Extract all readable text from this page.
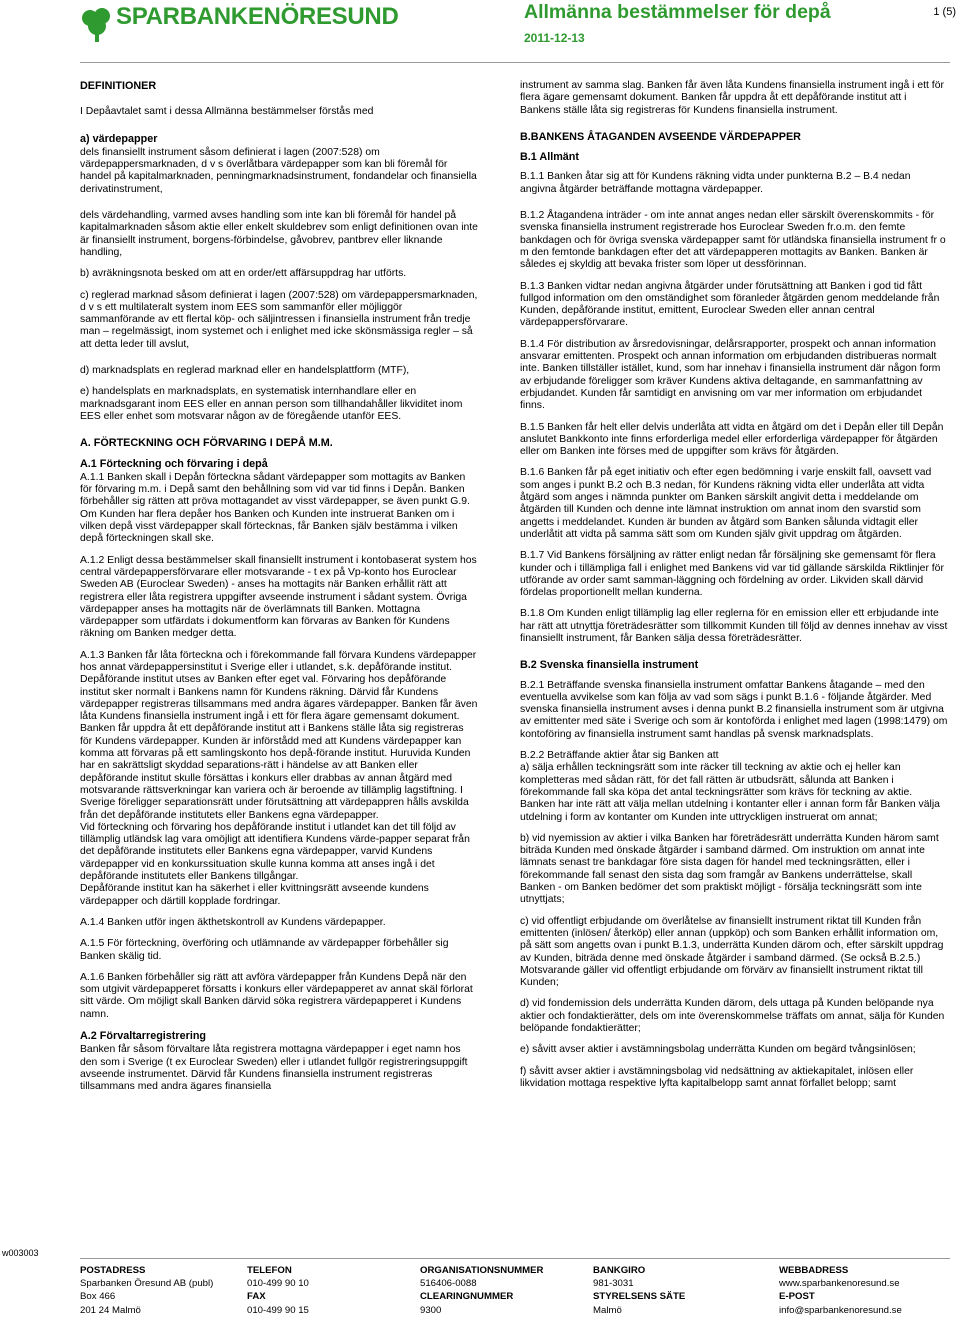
SPARBANKENÖRESUND	Allmänna bestämmelser för depå
2011-12-13
1 (5)
DEFINITIONER

I Depåavtalet samt i dessa Allmänna bestämmelser förstås med

a) värdepapper

dels finansiellt instrument såsom definierat i lagen (2007:528) om värdepappersmarknaden, d v s överlåtbara värdepapper som kan bli föremål för handel på kapitalmarknaden, penningmarknadsinstrument, fondandelar och finansiella derivatinstrument,

dels värdehandling, varmed avses handling som inte kan bli föremål för handel på kapitalmarknaden såsom aktie eller enkelt skuldebrev som enligt definitionen ovan inte är finansiellt instrument, borgens-förbindelse, gåvobrev, pantbrev eller liknande handling,

b) avräkningsnota besked om att en order/ett affärsuppdrag har utförts.

c) reglerad marknad såsom definierat i lagen (2007:528) om värdepappersmarknaden, d v s ett multilateralt system inom EES som sammanför eller möjliggör sammanförande av ett flertal köp- och säljintressen i finansiella instrument från tredje man – regelmässigt, inom systemet och i enlighet med icke skönsmässiga regler – så att detta leder till avslut,

d) marknadsplats en reglerad marknad eller en handelsplattform (MTF),

e) handelsplats en marknadsplats, en systematisk internhandlare eller en marknadsgarant inom EES eller en annan person som tillhandahåller likviditet inom EES eller enhet som motsvarar någon av de föregående utanför EES.

A. FÖRTECKNING OCH FÖRVARING I DEPÅ M.M.
A.1 Förteckning och förvaring i depå

A.1.1 Banken skall i Depån förteckna sådant värdepapper som mottagits av Banken för förvaring m.m. i Depå samt den behållning som vid var tid finns i Depån. Banken förbehåller sig rätten att pröva mottagandet av visst värdepapper, se även punkt G.9. Om Kunden har flera depåer hos Banken och Kunden inte instruerat Banken om i vilken depå visst värdepapper skall förtecknas, får Banken själv bestämma i vilken depå förteckningen skall ske.

A.1.2 Enligt dessa bestämmelser skall finansiellt instrument i kontobaserat system hos central värdepappersförvarare eller motsvarande - t ex på Vp-konto hos Euroclear Sweden AB (Euroclear Sweden) - anses ha mottagits när Banken erhållit rätt att registrera eller låta registrera uppgifter avseende instrument i sådant system. Övriga värdepapper anses ha mottagits när de överlämnats till Banken. Mottagna värdepapper som utfärdats i dokumentform kan förvaras av Banken för Kundens räkning om Banken medger detta.

A.1.3 Banken får låta förteckna och i förekommande fall förvara Kundens värdepapper hos annat värdepappersinstitut i Sverige eller i utlandet, s.k. depåförande institut. Depåförande institut utses av Banken efter eget val. Förvaring hos depåförande institut sker normalt i Bankens namn för Kundens räkning. Därvid får Kundens värdepapper registreras tillsammans med andra ägares värdepapper. Banken får även låta Kundens finansiella instrument ingå i ett för flera ägare gemensamt dokument. Banken får uppdra åt ett depåförande institut att i Bankens ställe låta sig registreras för Kundens värdepapper. Kunden är införstådd med att Kundens värdepapper kan komma att förvaras på ett samlingskonto hos depå-förande institut. Huruvida Kunden har en sakrättsligt skyddad separations-rätt i händelse av att Banken eller depåförande institut skulle försättas i konkurs eller drabbas av annan åtgärd med motsvarande rättsverkningar kan variera och är beroende av tillämplig lagstiftning. I Sverige föreligger separationsrätt under förutsättning att värdepappren hålls avskilda från det depåförande institutets eller Bankens egna värdepapper.
Vid förteckning och förvaring hos depåförande institut i utlandet kan det till följd av tillämplig utländsk lag vara omöjligt att identifiera Kundens värde-papper separat från det depåförande institutets eller Bankens egna värdepapper, varvid Kundens värdepapper vid en konkurssituation skulle kunna komma att anses ingå i det depåförande institutets eller Bankens tillgångar.
Depåförande institut kan ha säkerhet i eller kvittningsrätt avseende kundens värdepapper och därtill kopplade fordringar.

A.1.4 Banken utför ingen äkthetskontroll av Kundens värdepapper.

A.1.5 För förteckning, överföring och utlämnande av värdepapper förbehåller sig Banken skälig tid.

A.1.6 Banken förbehåller sig rätt att avföra värdepapper från Kundens Depå när den som utgivit värdepapperet försatts i konkurs eller värdepapperet av annat skäl förlorat sitt värde. Om möjligt skall Banken därvid söka registrera värdepapperet i Kundens namn.

A.2 Förvaltarregistrering

Banken får såsom förvaltare låta registrera mottagna värdepapper i eget namn hos den som i Sverige (t ex Euroclear Sweden) eller i utlandet fullgör registreringsuppgift avseende instrumentet. Därvid får Kundens finansiella instrument registreras tillsammans med andra ägares finansiella

instrument av samma slag. Banken får även låta Kundens finansiella instrument ingå i ett för flera ägare gemensamt dokument. Banken får uppdra åt ett depåförande institut att i Bankens ställe låta sig registreras för Kundens finansiella instrument.

B.BANKENS ÅTAGANDEN AVSEENDE VÄRDEPAPPER
B.1 Allmänt

B.1.1 Banken åtar sig att för Kundens räkning vidta under punkterna B.2 – B.4 nedan angivna åtgärder beträffande mottagna värdepapper.

B.1.2 Åtagandena inträder - om inte annat anges nedan eller särskilt överenskommits - för svenska finansiella instrument registrerade hos Euroclear Sweden fr.o.m. den femte bankdagen och för övriga svenska värdepapper samt för utländska finansiella instrument fr o m den femtonde bankdagen efter det att värdepapperen mottagits av Banken. Banken är således ej skyldig att bevaka frister som löper ut dessförinnan.

B.1.3 Banken vidtar nedan angivna åtgärder under förutsättning att Banken i god tid fått fullgod information om den omständighet som föranleder åtgärden genom meddelande från Kunden, depåförande institut, emittent, Euroclear Sweden eller annan central värdepappersförvarare.

B.1.4 För distribution av årsredovisningar, delårsrapporter, prospekt och annan information ansvarar emittenten. Prospekt och annan information om erbjudanden distribueras normalt inte. Banken tillställer istället, kund, som har innehav i finansiella instrument där någon form av erbjudande föreligger som kräver Kundens aktiva deltagande, en sammanfattning av erbjudandet. Kunden får samtidigt en anvisning om var mer information om erbjudandet finns.

B.1.5 Banken får helt eller delvis underlåta att vidta en åtgärd om det i Depån eller till Depån anslutet Bankkonto inte finns erforderliga medel eller erforderliga värdepapper för åtgärden eller om Banken inte förses med de uppgifter som krävs för åtgärden.

B.1.6 Banken får på eget initiativ och efter egen bedömning i varje enskilt fall, oavsett vad som anges i punkt B.2 och B.3 nedan, för Kundens räkning vidta eller underlåta att vidta åtgärd som anges i nämnda punkter om Banken särskilt angivit detta i meddelande om åtgärden till Kunden och denne inte lämnat instruktion om annat inom den svarstid som angetts i meddelandet. Kunden är bunden av åtgärd som Banken sålunda vidtagit eller underlåtit att vidta på samma sätt som om Kunden själv givit uppdrag om åtgärden.

B.1.7 Vid Bankens försäljning av rätter enligt nedan får försäljning ske gemensamt för flera kunder och i tillämpliga fall i enlighet med Bankens vid var tid gällande särskilda Riktlinjer för utförande av order samt samman-läggning och fördelning av order. Likviden skall därvid fördelas proportionellt mellan kunderna.

B.1.8 Om Kunden enligt tillämplig lag eller reglerna för en emission eller ett erbjudande inte har rätt att utnyttja företrädesrätter som tillkommit Kunden till följd av dennes innehav av visst finansiellt instrument, får Banken sälja dessa företrädesrätter.

B.2 Svenska finansiella instrument

B.2.1 Beträffande svenska finansiella instrument omfattar Bankens åtagande – med den eventuella avvikelse som kan följa av vad som sägs i punkt B.1.6 - följande åtgärder. Med svenska finansiella instrument avses i denna punkt B.2 finansiella instrument som är utgivna av emittenter med säte i Sverige och som är kontoförda i enlighet med lagen (1998:1479) om kontoföring av finansiella instrument samt handlas på svensk marknadsplats.

B.2.2 Beträffande aktier åtar sig Banken att
a) sälja erhållen teckningsrätt som inte räcker till teckning av aktie och ej heller kan kompletteras med sådan rätt, för det fall rätten är utbudsrätt, sålunda att Banken i förekommande fall ska köpa det antal teckningsrätter som krävs för teckning av aktie. Banken har inte rätt att välja mellan utdelning i kontanter eller i annan form får Banken välja utdelning i form av kontanter om Kunden inte uttryckligen instruerat om annat;

b) vid nyemission av aktier i vilka Banken har företrädesrätt underrätta Kunden härom samt biträda Kunden med önskade åtgärder i samband därmed. Om instruktion om annat inte lämnats senast tre bankdagar före sista dagen för handel med teckningsrätten, eller i förekommande fall senast den sista dag som framgår av Bankens underrättelse, skall Banken - om Banken bedömer det som praktiskt möjligt - försälja teckningsrätt som inte utnyttjats;

c) vid offentligt erbjudande om överlåtelse av finansiellt instrument riktat till Kunden från emittenten (inlösen/ återköp) eller annan (uppköp) och som Banken erhållit information om, på sätt som angetts ovan i punkt B.1.3, underrätta Kunden därom och, efter särskilt uppdrag av Kunden, biträda denne med önskade åtgärder i samband därmed. (Se också B.2.5.) Motsvarande gäller vid offentligt erbjudande om förvärv av finansiellt instrument riktat till Kunden;

d) vid fondemission dels underrätta Kunden därom, dels uttaga på Kunden belöpande nya aktier och fondaktierätter, dels om inte överenskommelse träffats om annat, sälja för Kunden belöpande fondaktierätter;

e) såvitt avser aktier i avstämningsbolag underrätta Kunden om begärd tvångsinlösen;

f) såvitt avser aktier i avstämningsbolag vid nedsättning av aktiekapitalet, inlösen eller likvidation mottaga respektive lyfta kapitalbelopp samt annat förfallet belopp; samt

w003003
POSTADRESS
Sparbanken Öresund AB (publ)
Box 466
201 24 Malmö
TELEFON
010-499 90 10
FAX
010-499 90 15
ORGANISATIONSNUMMER
516406-0088
CLEARINGNUMMER
9300
BANKGIRO
981-3031
STYRELSENS SÄTE
Malmö
WEBBADRESS
www.sparbankenoresund.se
E-POST
info@sparbankenoresund.se
